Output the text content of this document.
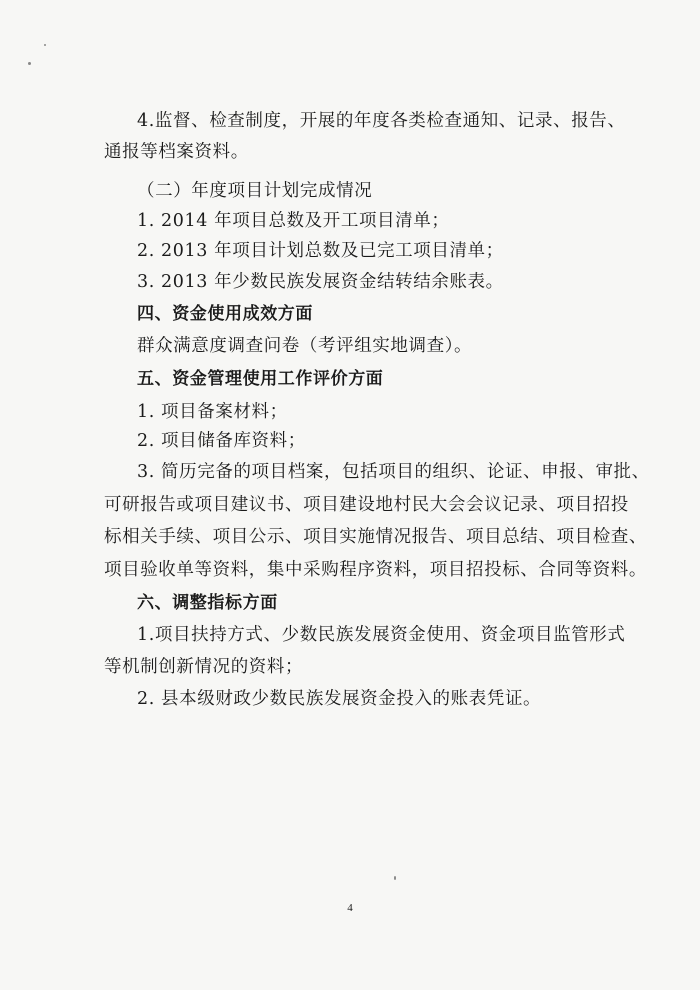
4.监督、检查制度，开展的年度各类检查通知、记录、报告、
通报等档案资料。
（二）年度项目计划完成情况
1. 2014 年项目总数及开工项目清单；
2. 2013 年项目计划总数及已完工项目清单；
3. 2013 年少数民族发展资金结转结余账表。
四、资金使用成效方面
群众满意度调查问卷（考评组实地调查）。
五、资金管理使用工作评价方面
1. 项目备案材料；
2. 项目储备库资料；
3. 简历完备的项目档案，包括项目的组织、论证、申报、审批、
可研报告或项目建议书、项目建设地村民大会会议记录、项目招投
标相关手续、项目公示、项目实施情况报告、项目总结、项目检查、
项目验收单等资料，集中采购程序资料，项目招投标、合同等资料。
六、调整指标方面
1.项目扶持方式、少数民族发展资金使用、资金项目监管形式
等机制创新情况的资料；
2. 县本级财政少数民族发展资金投入的账表凭证。
4
